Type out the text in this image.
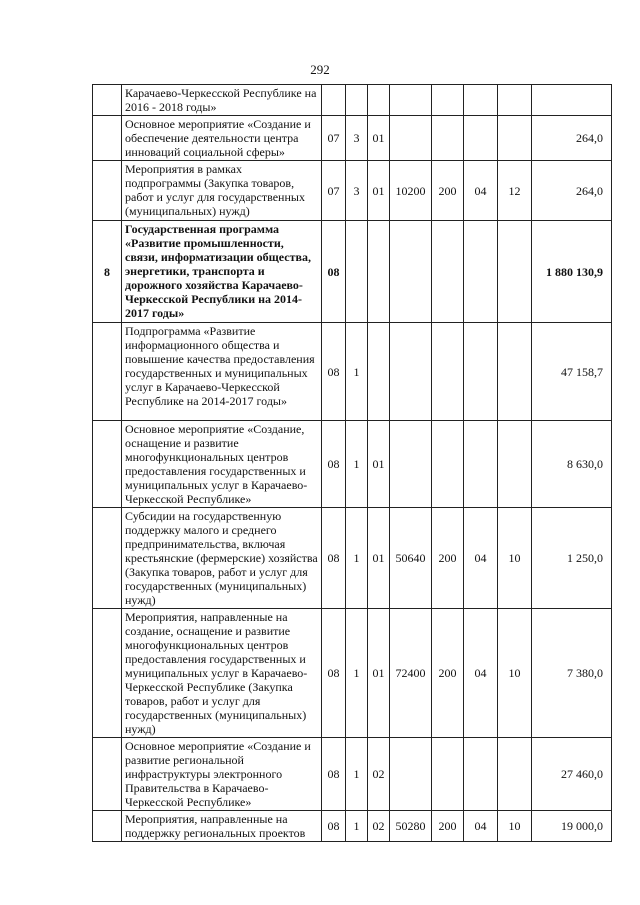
292
	Карачаево-Черкесской Республике на 2016 - 2018 годы»								
	Основное мероприятие «Создание и обеспечение деятельности центра инноваций социальной сферы»	07	3	01					264,0
	Мероприятия в рамках подпрограммы (Закупка товаров, работ и услуг для государственных (муниципальных) нужд)	07	3	01	10200	200	04	12	264,0
8	Государственная программа «Развитие промышленности, связи, информатизации общества, энергетики, транспорта и дорожного хозяйства Карачаево-Черкесской Республики на 2014-2017 годы»	08							1 880 130,9
	Подпрограмма «Развитие информационного общества и повышение качества предоставления государственных и муниципальных услуг в Карачаево-Черкесской Республике на 2014-2017 годы»	08	1						47 158,7
	Основное мероприятие «Создание, оснащение и развитие многофункциональных центров предоставления государственных и муниципальных услуг в Карачаево-Черкесской Республике»	08	1	01					8 630,0
	Субсидии на государственную поддержку малого и среднего предпринимательства, включая крестьянские (фермерские) хозяйства (Закупка товаров, работ и услуг для государственных (муниципальных) нужд)	08	1	01	50640	200	04	10	1 250,0
	Мероприятия, направленные на создание, оснащение и развитие многофункциональных центров предоставления государственных и муниципальных услуг в Карачаево-Черкесской Республике (Закупка товаров, работ и услуг для государственных (муниципальных) нужд)	08	1	01	72400	200	04	10	7 380,0
	Основное мероприятие «Создание и развитие региональной инфраструктуры электронного Правительства в Карачаево-Черкесской Республике»	08	1	02					27 460,0
	Мероприятия, направленные на поддержку региональных проектов	08	1	02	50280	200	04	10	19 000,0
